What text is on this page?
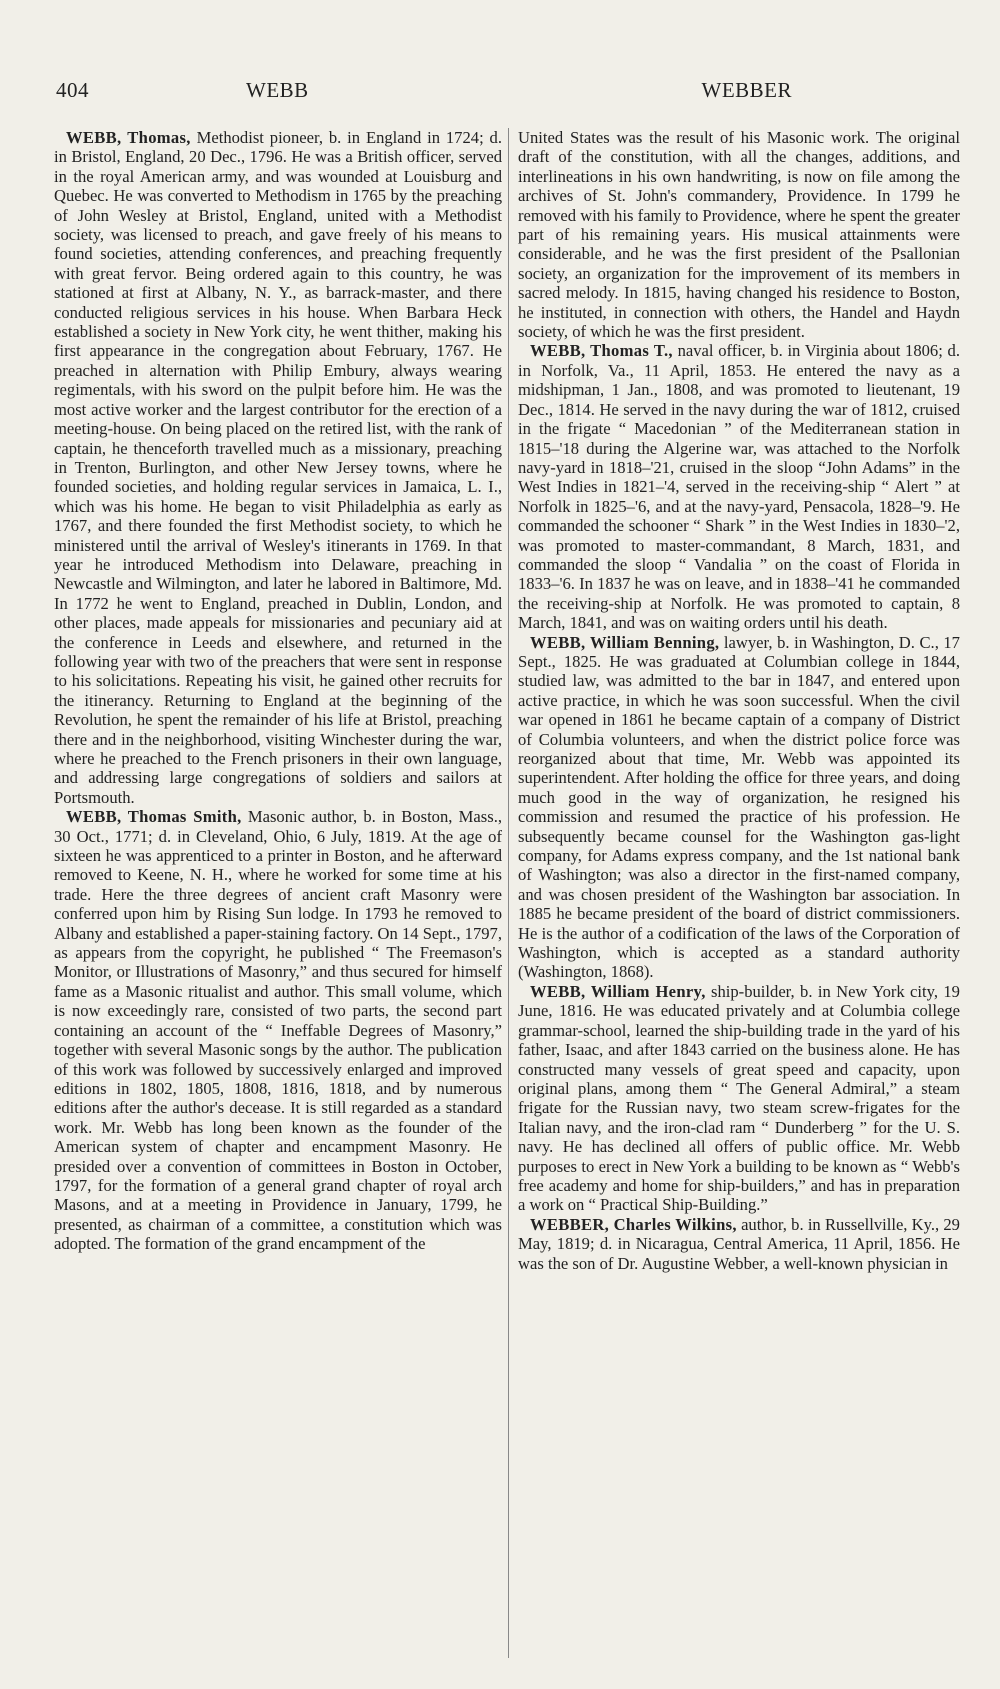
404	WEBB	WEBBER

WEBB, Thomas, Methodist pioneer, b. in England in 1724; d. in Bristol, England, 20 Dec., 1796. He was a British officer, served in the royal American army, and was wounded at Louisburg and Quebec. He was converted to Methodism in 1765 by the preaching of John Wesley at Bristol, England, united with a Methodist society, was licensed to preach, and gave freely of his means to found societies, attending conferences, and preaching frequently with great fervor. Being ordered again to this country, he was stationed at first at Albany, N. Y., as barrack-master, and there conducted religious services in his house. When Barbara Heck established a society in New York city, he went thither, making his first appearance in the congregation about February, 1767. He preached in alternation with Philip Embury, always wearing regimentals, with his sword on the pulpit before him. He was the most active worker and the largest contributor for the erection of a meeting-house. On being placed on the retired list, with the rank of captain, he thenceforth travelled much as a missionary, preaching in Trenton, Burlington, and other New Jersey towns, where he founded societies, and holding regular services in Jamaica, L. I., which was his home. He began to visit Philadelphia as early as 1767, and there founded the first Methodist society, to which he ministered until the arrival of Wesley's itinerants in 1769. In that year he introduced Methodism into Delaware, preaching in Newcastle and Wilmington, and later he labored in Baltimore, Md. In 1772 he went to England, preached in Dublin, London, and other places, made appeals for missionaries and pecuniary aid at the conference in Leeds and elsewhere, and returned in the following year with two of the preachers that were sent in response to his solicitations. Repeating his visit, he gained other recruits for the itinerancy. Returning to England at the beginning of the Revolution, he spent the remainder of his life at Bristol, preaching there and in the neighborhood, visiting Winchester during the war, where he preached to the French prisoners in their own language, and addressing large congregations of soldiers and sailors at Portsmouth.

WEBB, Thomas Smith, Masonic author, b. in Boston, Mass., 30 Oct., 1771; d. in Cleveland, Ohio, 6 July, 1819. At the age of sixteen he was apprenticed to a printer in Boston, and he afterward removed to Keene, N. H., where he worked for some time at his trade. Here the three degrees of ancient craft Masonry were conferred upon him by Rising Sun lodge. In 1793 he removed to Albany and established a paper-staining factory. On 14 Sept., 1797, as appears from the copyright, he published “ The Freemason's Monitor, or Illustrations of Masonry,” and thus secured for himself fame as a Masonic ritualist and author. This small volume, which is now exceedingly rare, consisted of two parts, the second part containing an account of the “ Ineffable Degrees of Masonry,” together with several Masonic songs by the author. The publication of this work was followed by successively enlarged and improved editions in 1802, 1805, 1808, 1816, 1818, and by numerous editions after the author's decease. It is still regarded as a standard work. Mr. Webb has long been known as the founder of the American system of chapter and encampment Masonry. He presided over a convention of committees in Boston in October, 1797, for the formation of a general grand chapter of royal arch Masons, and at a meeting in Providence in January, 1799, he presented, as chairman of a committee, a constitution which was adopted. The formation of the grand encampment of the

United States was the result of his Masonic work. The original draft of the constitution, with all the changes, additions, and interlineations in his own handwriting, is now on file among the archives of St. John's commandery, Providence. In 1799 he removed with his family to Providence, where he spent the greater part of his remaining years. His musical attainments were considerable, and he was the first president of the Psallonian society, an organization for the improvement of its members in sacred melody. In 1815, having changed his residence to Boston, he instituted, in connection with others, the Handel and Haydn society, of which he was the first president.

WEBB, Thomas T., naval officer, b. in Virginia about 1806; d. in Norfolk, Va., 11 April, 1853. He entered the navy as a midshipman, 1 Jan., 1808, and was promoted to lieutenant, 19 Dec., 1814. He served in the navy during the war of 1812, cruised in the frigate “ Macedonian ” of the Mediterranean station in 1815–'18 during the Algerine war, was attached to the Norfolk navy-yard in 1818–'21, cruised in the sloop “John Adams” in the West Indies in 1821–'4, served in the receiving-ship “ Alert ” at Norfolk in 1825–'6, and at the navy-yard, Pensacola, 1828–'9. He commanded the schooner “ Shark ” in the West Indies in 1830–'2, was promoted to master-commandant, 8 March, 1831, and commanded the sloop “ Vandalia ” on the coast of Florida in 1833–'6. In 1837 he was on leave, and in 1838–'41 he commanded the receiving-ship at Norfolk. He was promoted to captain, 8 March, 1841, and was on waiting orders until his death.

WEBB, William Benning, lawyer, b. in Washington, D. C., 17 Sept., 1825. He was graduated at Columbian college in 1844, studied law, was admitted to the bar in 1847, and entered upon active practice, in which he was soon successful. When the civil war opened in 1861 he became captain of a company of District of Columbia volunteers, and when the district police force was reorganized about that time, Mr. Webb was appointed its superintendent. After holding the office for three years, and doing much good in the way of organization, he resigned his commission and resumed the practice of his profession. He subsequently became counsel for the Washington gas-light company, for Adams express company, and the 1st national bank of Washington; was also a director in the first-named company, and was chosen president of the Washington bar association. In 1885 he became president of the board of district commissioners. He is the author of a codification of the laws of the Corporation of Washington, which is accepted as a standard authority (Washington, 1868).

WEBB, William Henry, ship-builder, b. in New York city, 19 June, 1816. He was educated privately and at Columbia college grammar-school, learned the ship-building trade in the yard of his father, Isaac, and after 1843 carried on the business alone. He has constructed many vessels of great speed and capacity, upon original plans, among them “ The General Admiral,” a steam frigate for the Russian navy, two steam screw-frigates for the Italian navy, and the iron-clad ram “ Dunderberg ” for the U. S. navy. He has declined all offers of public office. Mr. Webb purposes to erect in New York a building to be known as “ Webb's free academy and home for ship-builders,” and has in preparation a work on “ Practical Ship-Building.”

WEBBER, Charles Wilkins, author, b. in Russellville, Ky., 29 May, 1819; d. in Nicaragua, Central America, 11 April, 1856. He was the son of Dr. Augustine Webber, a well-known physician in
